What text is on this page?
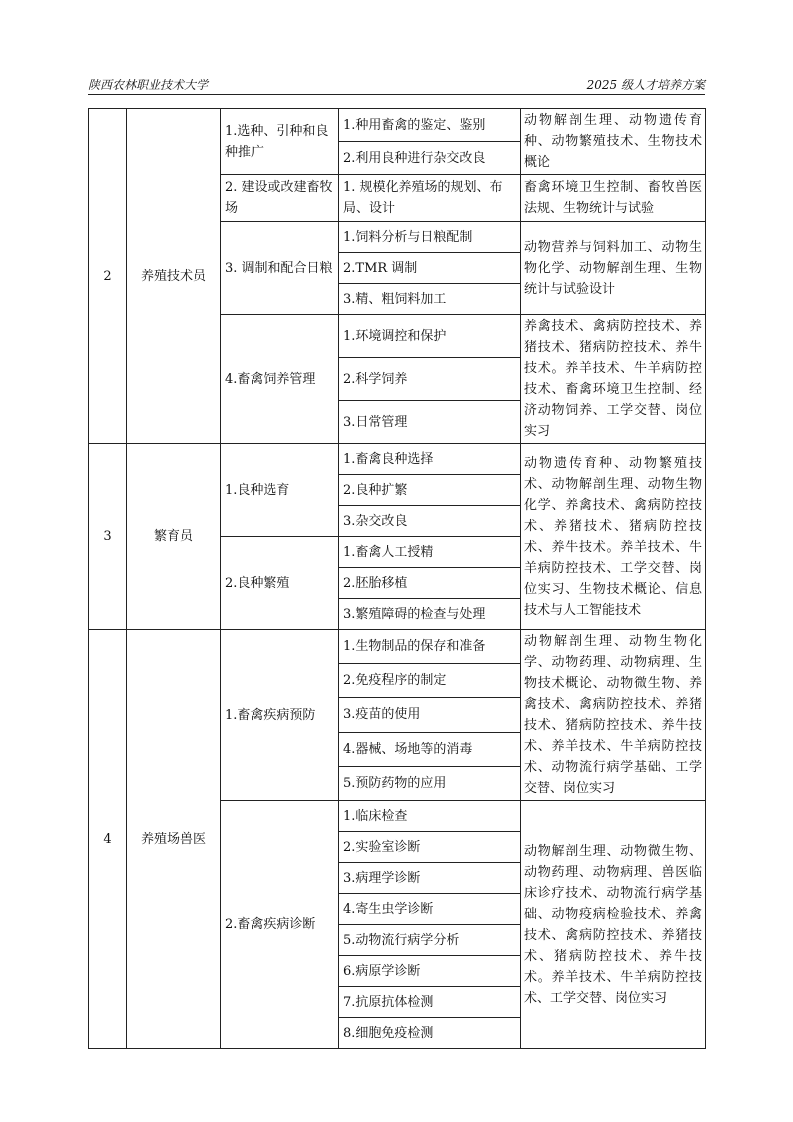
陕西农林职业技术大学	2025 级人才培养方案
2	养殖技术员	1.选种、引种和良种推广	1.种用畜禽的鉴定、鉴别	动物解剖生理、动物遗传育种、动物繁殖技术、生物技术概论
			2.利用良种进行杂交改良	
		2. 建设或改建畜牧场	1. 规模化养殖场的规划、布局、设计	畜禽环境卫生控制、畜牧兽医法规、生物统计与试验
		3. 调制和配合日粮	1.饲料分析与日粮配制	动物营养与饲料加工、动物生物化学、动物解剖生理、生物统计与试验设计
			2.TMR 调制	
			3.精、粗饲料加工	
		4.畜禽饲养管理	1.环境调控和保护	养禽技术、禽病防控技术、养猪技术、猪病防控技术、养牛技术。养羊技术、牛羊病防控技术、畜禽环境卫生控制、经济动物饲养、工学交替、岗位实习
			2.科学饲养	
			3.日常管理	
3	繁育员	1.良种选育	1.畜禽良种选择	动物遗传育种、动物繁殖技术、动物解剖生理、动物生物化学、养禽技术、禽病防控技术、养猪技术、猪病防控技术、养牛技术。养羊技术、牛羊病防控技术、工学交替、岗位实习、生物技术概论、信息技术与人工智能技术
			2.良种扩繁	
			3.杂交改良	
		2.良种繁殖	1.畜禽人工授精	
			2.胚胎移植	
			3.繁殖障碍的检查与处理	
4	养殖场兽医	1.畜禽疾病预防	1.生物制品的保存和准备	动物解剖生理、动物生物化学、动物药理、动物病理、生物技术概论、动物微生物、养禽技术、禽病防控技术、养猪技术、猪病防控技术、养牛技术、养羊技术、牛羊病防控技术、动物流行病学基础、工学交替、岗位实习
			2.免疫程序的制定	
			3.疫苗的使用	
			4.器械、场地等的消毒	
			5.预防药物的应用	
		2.畜禽疾病诊断	1.临床检查	动物解剖生理、动物微生物、动物药理、动物病理、兽医临床诊疗技术、动物流行病学基础、动物疫病检验技术、养禽技术、禽病防控技术、养猪技术、猪病防控技术、养牛技术。养羊技术、牛羊病防控技术、工学交替、岗位实习
			2.实验室诊断	
			3.病理学诊断	
			4.寄生虫学诊断	
			5.动物流行病学分析	
			6.病原学诊断	
			7.抗原抗体检测	
			8.细胞免疫检测	
